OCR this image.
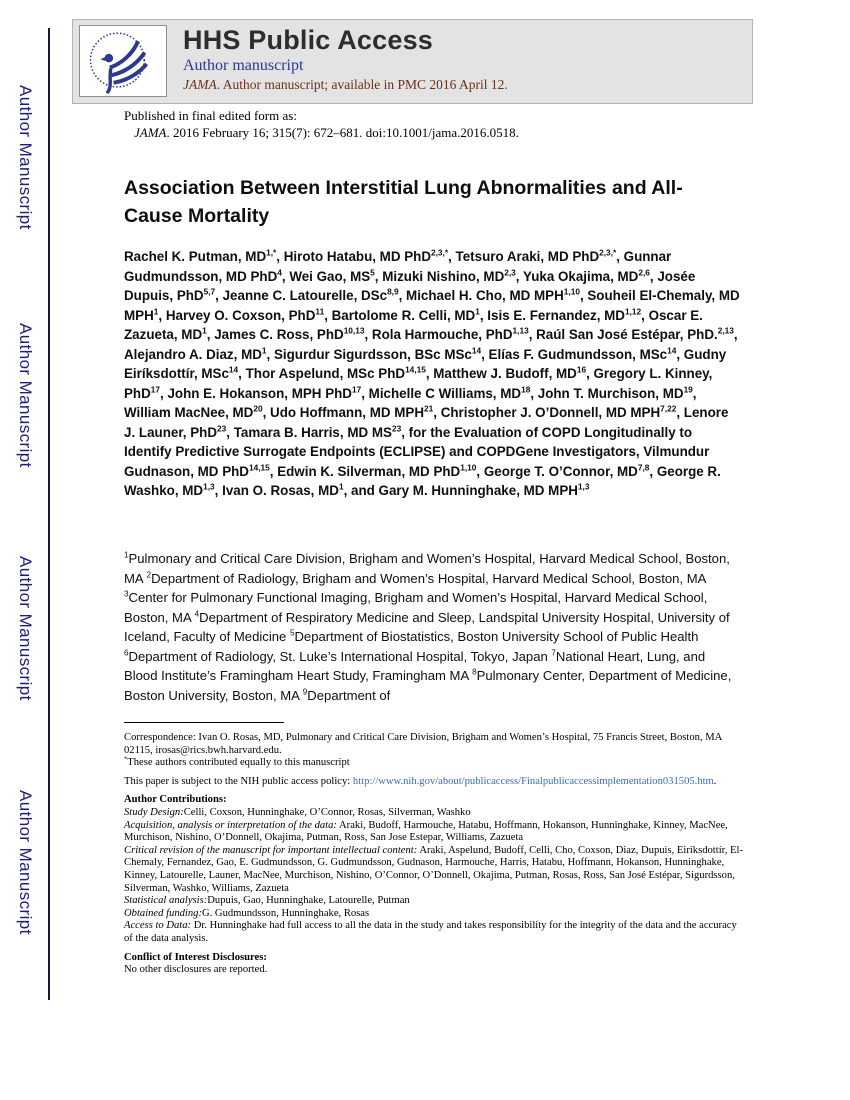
Author Manuscript
Author Manuscript
Author Manuscript
Author Manuscript
HHS Public Access
Author manuscript
JAMA. Author manuscript; available in PMC 2016 April 12.
Published in final edited form as:
JAMA. 2016 February 16; 315(7): 672–681. doi:10.1001/jama.2016.0518.
Association Between Interstitial Lung Abnormalities and All-
Cause Mortality
Rachel K. Putman, $MD^{1,*}$, Hiroto Hatabu, MD PhD$^{2,3,*}$, Tetsuro Araki, MD PhD$^{2,3,*}$, Gunnar Gudmundsson, MD PhD$^4$, Wei Gao, $MS^5$, Mizuki Nishino, MD$^{2,3}$, Yuka Okajima, MD$^{2,6}$, Josée Dupuis, PhD$^{5,7}$, Jeanne C. Latourelle, DSc$^{8,9}$, Michael H. Cho, MD MPH$^{1,10}$, Souheil El-Chemaly, MD MPH$^1$, Harvey O. Coxson, PhD$^{11}$, Bartolome R. Celli, $MD^1$, Isis E. Fernandez, MD$^{1,12}$, Oscar E. Zazueta, $MD^1$, James C. Ross, PhD$^{10,13}$, Rola Harmouche, PhD$^{1,13}$, Raúl San José Estépar, PhD.$^{2,13}$, Alejandro A. Diaz, $MD^1$, Sigurdur Sigurdsson, BSc MSc$^{14}$, Elías F. Gudmundsson, MSc$^{14}$, Gudny Eiríksdottír, MSc$^{14}$, Thor Aspelund, MSc PhD$^{14,15}$, Matthew J. Budoff, MD$^{16}$, Gregory L. Kinney, PhD$^{17}$, John E. Hokanson, MPH PhD$^{17}$, Michelle C Williams, MD$^{18}$, John T. Murchison, MD$^{19}$, William MacNee, MD$^{20}$, Udo Hoffmann, MD MPH$^{21}$, Christopher J. O’Donnell, MD MPH$^{7,22}$, Lenore J. Launer, PhD$^{23}$, Tamara B. Harris, MD MS$^{23}$, for the Evaluation of COPD Longitudinally to Identify Predictive Surrogate Endpoints (ECLIPSE) and COPDGene Investigators, Vilmundur Gudnason, MD PhD$^{14,15}$, Edwin K. Silverman, MD PhD$^{1,10}$, George T. O’Connor, MD$^{7,8}$, George R. Washko, MD$^{1,3}$, Ivan O. Rosas, $MD^1$, and Gary M. Hunninghake, MD MPH$^{1,3}$
$^1$Pulmonary and Critical Care Division, Brigham and Women’s Hospital, Harvard Medical School, Boston, MA $^2$Department of Radiology, Brigham and Women’s Hospital, Harvard Medical School, Boston, MA $^3$Center for Pulmonary Functional Imaging, Brigham and Women’s Hospital, Harvard Medical School, Boston, MA $^4$Department of Respiratory Medicine and Sleep, Landspital University Hospital, University of Iceland, Faculty of Medicine $^5$Department of Biostatistics, Boston University School of Public Health $^6$Department of Radiology, St. Luke’s International Hospital, Tokyo, Japan $^7$National Heart, Lung, and Blood Institute’s Framingham Heart Study, Framingham MA $^8$Pulmonary Center, Department of Medicine, Boston University, Boston, MA $^9$Department of
Correspondence: Ivan O. Rosas, MD, Pulmonary and Critical Care Division, Brigham and Women’s Hospital, 75 Francis Street, Boston, MA 02115, irosas@rics.bwh.harvard.edu.
*These authors contributed equally to this manuscript
This paper is subject to the NIH public access policy: http://www.nih.gov/about/publicaccess/Finalpublicaccessimplementation031505.htm.
Author Contributions:
Study Design:Celli, Coxson, Hunninghake, O’Connor, Rosas, Silverman, Washko
Acquisition, analysis or interpretation of the data: Araki, Budoff, Harmouche, Hatabu, Hoffmann, Hokanson, Hunninghake, Kinney, MacNee, Murchison, Nishino, O’Donnell, Okajima, Putman, Ross, San Jose Estepar, Williams, Zazueta
Critical revision of the manuscript for important intellectual content: Araki, Aspelund, Budoff, Celli, Cho, Coxson, Diaz, Dupuis, Eiriksdottír, El-Chemaly, Fernandez, Gao, E. Gudmundsson, G. Gudmundsson, Gudnason, Harmouche, Harris, Hatabu, Hoffmann, Hokanson, Hunninghake, Kinney, Latourelle, Launer, MacNee, Murchison, Nishino, O’Connor, O’Donnell, Okajima, Putman, Rosas, Ross, San José Estépar, Sigurdsson, Silverman, Washko, Williams, Zazueta
Statistical analysis:Dupuis, Gao, Hunninghake, Latourelle, Putman
Obtained funding:G. Gudmundsson, Hunninghake, Rosas
Access to Data: Dr. Hunninghake had full access to all the data in the study and takes responsibility for the integrity of the data and the accuracy of the data analysis.
Conflict of Interest Disclosures:
No other disclosures are reported.
